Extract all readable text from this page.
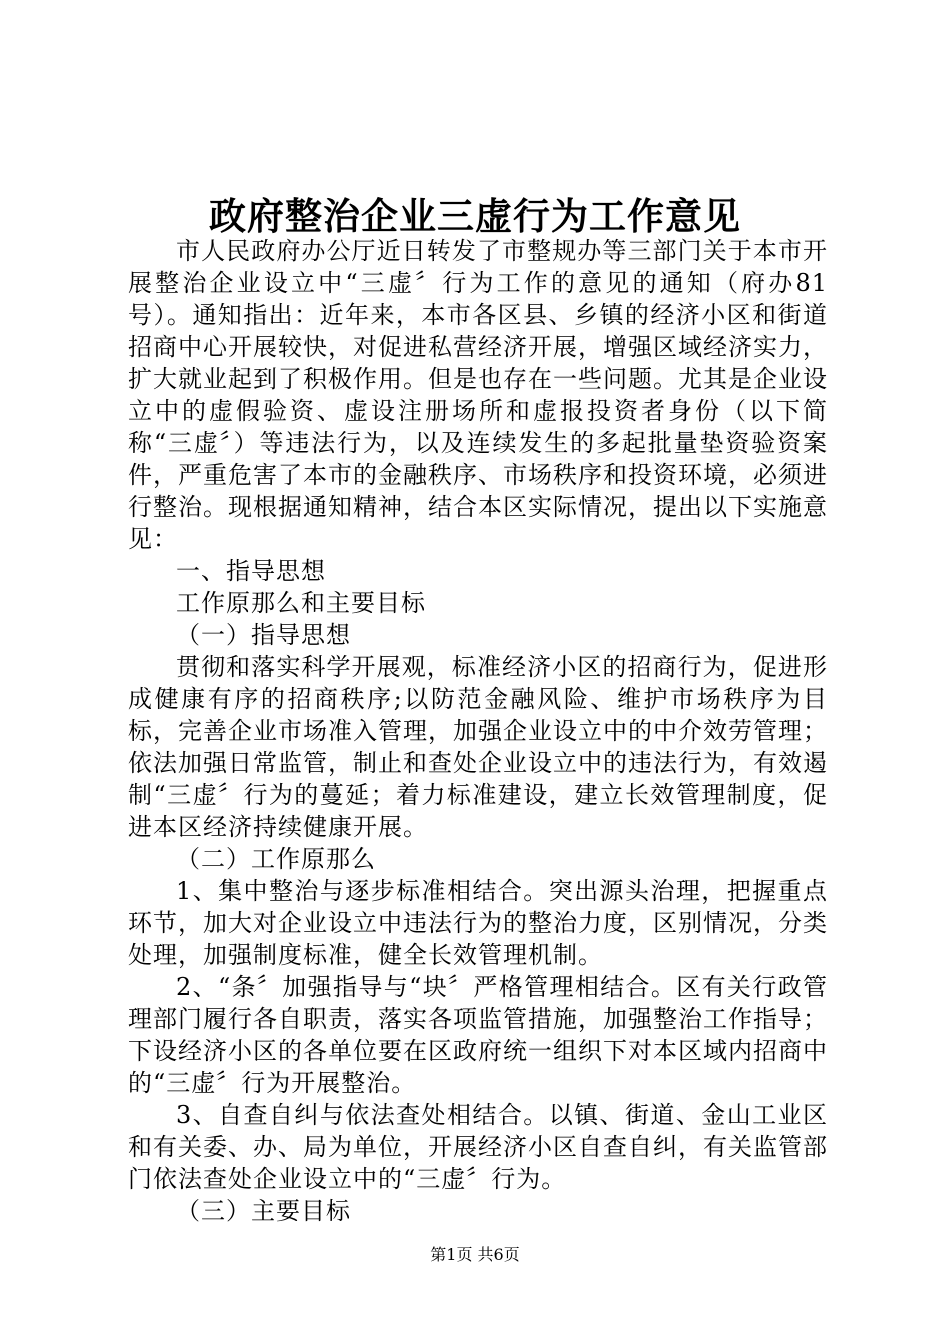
政府整治企业三虚行为工作意见

市人民政府办公厅近日转发了市整规办等三部门关于本市开展整治企业设立中“三虚〞行为工作的意见的通知（府办81号）。通知指出：近年来，本市各区县、乡镇的经济小区和街道招商中心开展较快，对促进私营经济开展，增强区域经济实力，扩大就业起到了积极作用。但是也存在一些问题。尤其是企业设立中的虚假验资、虚设注册场所和虚报投资者身份（以下简称“三虚〞）等违法行为，以及连续发生的多起批量垫资验资案件，严重危害了本市的金融秩序、市场秩序和投资环境，必须进行整治。现根据通知精神，结合本区实际情况，提出以下实施意见：

一、指导思想

工作原那么和主要目标

（一）指导思想

贯彻和落实科学开展观，标准经济小区的招商行为，促进形成健康有序的招商秩序;以防范金融风险、维护市场秩序为目标，完善企业市场准入管理，加强企业设立中的中介效劳管理；依法加强日常监管，制止和查处企业设立中的违法行为，有效遏制“三虚〞行为的蔓延；着力标准建设，建立长效管理制度，促进本区经济持续健康开展。

（二）工作原那么

1、集中整治与逐步标准相结合。突出源头治理，把握重点环节，加大对企业设立中违法行为的整治力度，区别情况，分类处理，加强制度标准，健全长效管理机制。

2、“条〞加强指导与“块〞严格管理相结合。区有关行政管理部门履行各自职责，落实各项监管措施，加强整治工作指导；下设经济小区的各单位要在区政府统一组织下对本区域内招商中的“三虚〞行为开展整治。

3、自查自纠与依法查处相结合。以镇、街道、金山工业区和有关委、办、局为单位，开展经济小区自查自纠，有关监管部门依法查处企业设立中的“三虚〞行为。

（三）主要目标

第1页 共6页
